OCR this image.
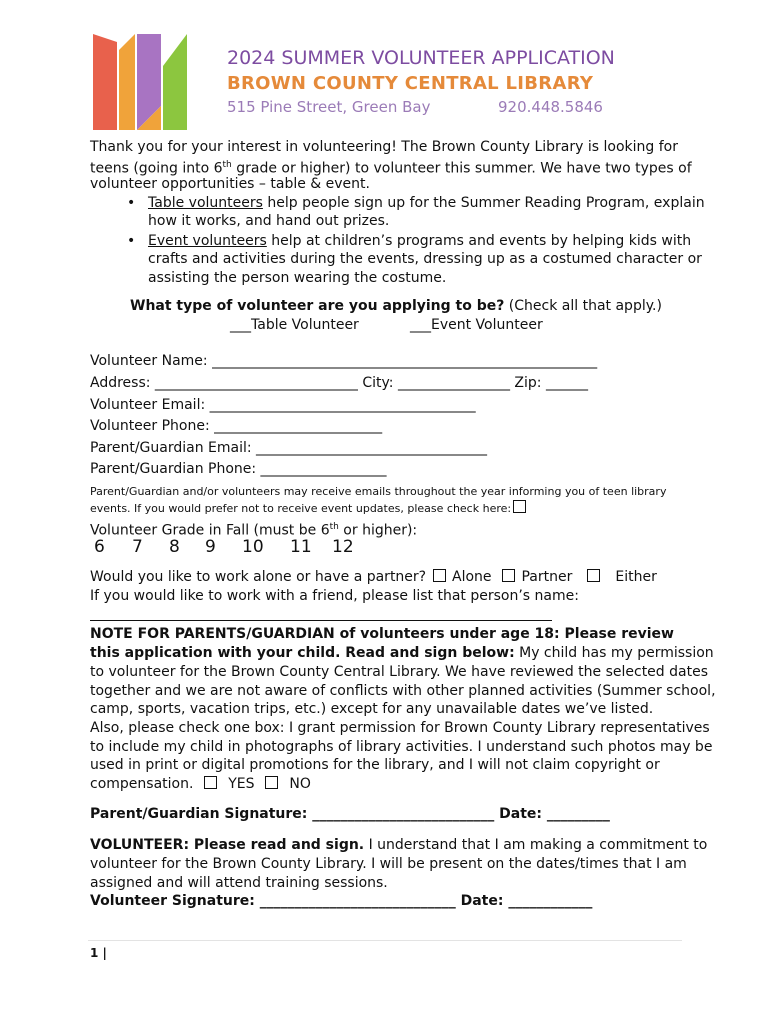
2024 SUMMER VOLUNTEER APPLICATION
BROWN COUNTY CENTRAL LIBRARY
515 Pine Street, Green Bay	920.448.5846
Thank you for your interest in volunteering! The Brown County Library is looking for
teens (going into 6th grade or higher) to volunteer this summer. We have two types of
volunteer opportunities – table & event.
• Table volunteers help people sign up for the Summer Reading Program, explain
how it works, and hand out prizes.
• Event volunteers help at children’s programs and events by helping kids with
crafts and activities during the events, dressing up as a costumed character or
assisting the person wearing the costume.
What type of volunteer are you applying to be? (Check all that apply.)
___Table Volunteer	___Event Volunteer
Volunteer Name: _______________________________________________________
Address: _____________________________ City: ________________ Zip: ______
Volunteer Email: ______________________________________
Volunteer Phone: ________________________
Parent/Guardian Email: _________________________________
Parent/Guardian Phone: __________________
Parent/Guardian and/or volunteers may receive emails throughout the year informing you of teen library
events. If you would prefer not to receive event updates, please check here:
Volunteer Grade in Fall (must be 6th or higher):
6 7 8 9 10 11 12
Would you like to work alone or have a partner? Alone	Partner	Either
If you would like to work with a friend, please list that person’s name:
NOTE FOR PARENTS/GUARDIAN of volunteers under age 18: Please review
this application with your child. Read and sign below: My child has my permission
to volunteer for the Brown County Central Library. We have reviewed the selected dates
together and we are not aware of conflicts with other planned activities (Summer school,
camp, sports, vacation trips, etc.) except for any unavailable dates we’ve listed.
Also, please check one box: I grant permission for Brown County Library representatives
to include my child in photographs of library activities. I understand such photos may be
used in print or digital promotions for the library, and I will not claim copyright or
compensation. YES NO
Parent/Guardian Signature: __________________________ Date: _________
VOLUNTEER: Please read and sign. I understand that I am making a commitment to
volunteer for the Brown County Library. I will be present on the dates/times that I am
assigned and will attend training sessions.
Volunteer Signature: ____________________________ Date: ____________
1 |
